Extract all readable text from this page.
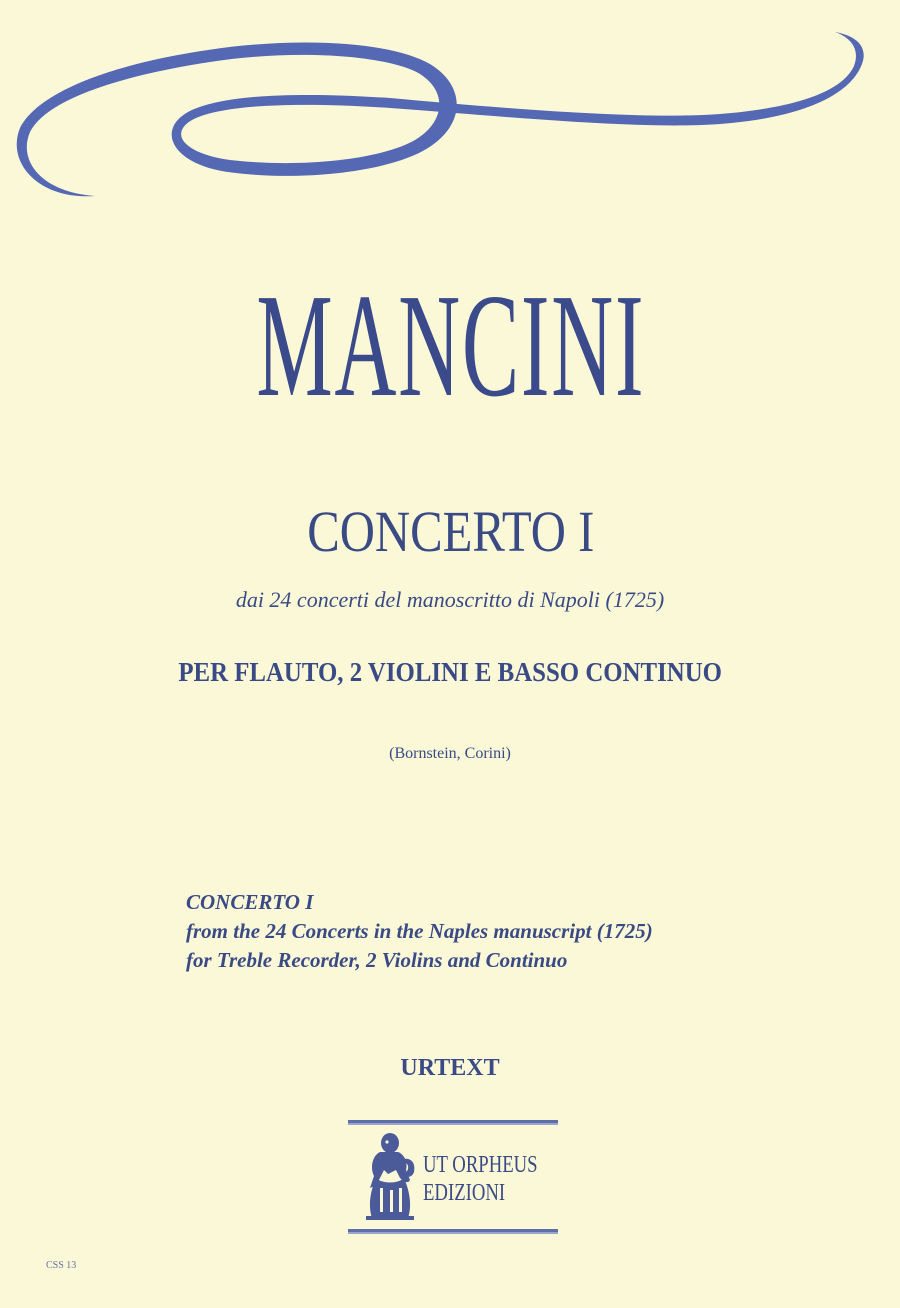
MANCINI
CONCERTO I
dai 24 concerti del manoscritto di Napoli (1725)
PER FLAUTO, 2 VIOLINI E BASSO CONTINUO
(Bornstein, Corini)
CONCERTO I
from the 24 Concerts in the Naples manuscript (1725)
for Treble Recorder, 2 Violins and Continuo
URTEXT
UT ORPHEUS
EDIZIONI
CSS 13
